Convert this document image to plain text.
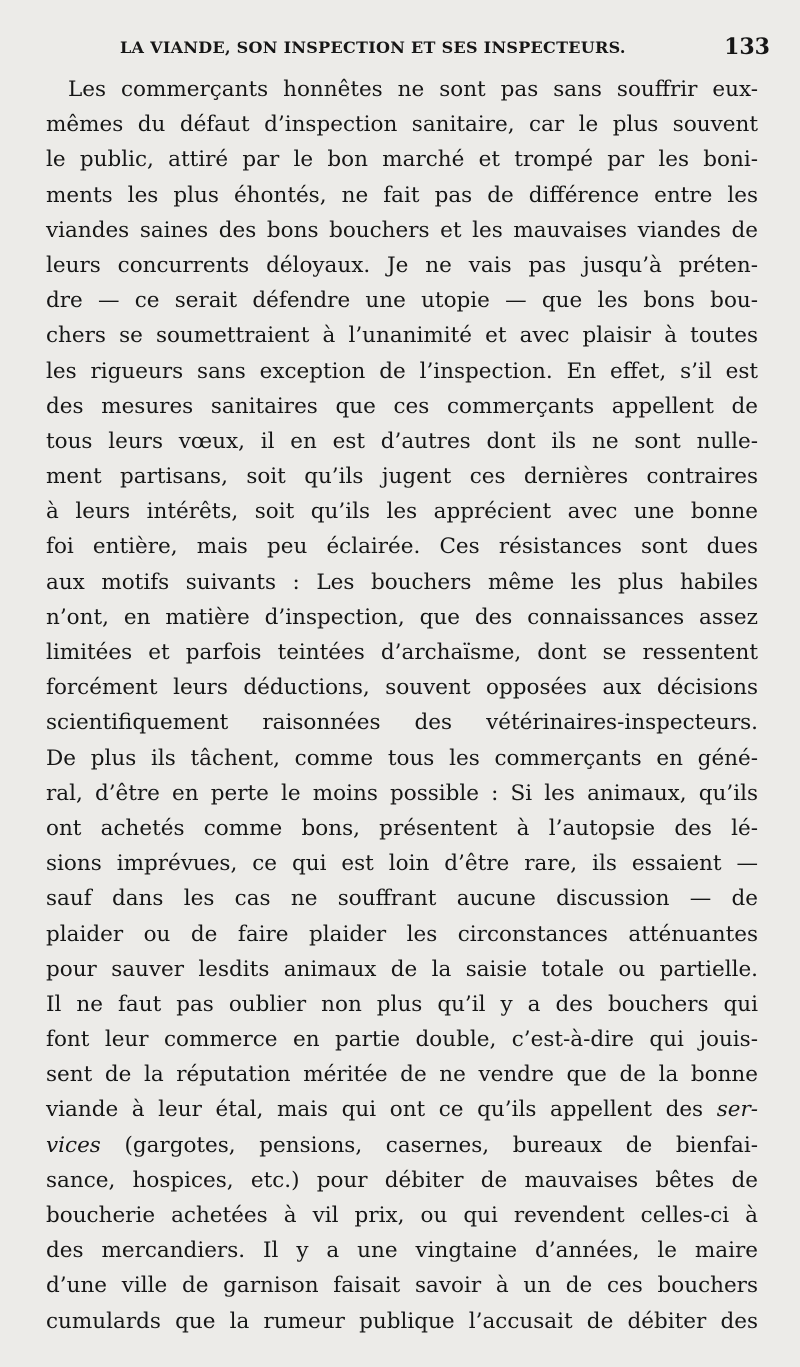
LA VIANDE, SON INSPECTION ET SES INSPECTEURS.	133
Les commerçants honnêtes ne sont pas sans souffrir eux-
mêmes du défaut d’inspection sanitaire, car le plus souvent
le public, attiré par le bon marché et trompé par les boni-
ments les plus éhontés, ne fait pas de différence entre les
viandes saines des bons bouchers et les mauvaises viandes de
leurs concurrents déloyaux. Je ne vais pas jusqu’à préten-
dre — ce serait défendre une utopie — que les bons bou-
chers se soumettraient à l’unanimité et avec plaisir à toutes
les rigueurs sans exception de l’inspection. En effet, s’il est
des mesures sanitaires que ces commerçants appellent de
tous leurs vœux, il en est d’autres dont ils ne sont nulle-
ment partisans, soit qu’ils jugent ces dernières contraires
à leurs intérêts, soit qu’ils les apprécient avec une bonne
foi entière, mais peu éclairée. Ces résistances sont dues
aux motifs suivants : Les bouchers même les plus habiles
n’ont, en matière d’inspection, que des connaissances assez
limitées et parfois teintées d’archaïsme, dont se ressentent
forcément leurs déductions, souvent opposées aux décisions
scientifiquement raisonnées des vétérinaires-inspecteurs.
De plus ils tâchent, comme tous les commerçants en géné-
ral, d’être en perte le moins possible : Si les animaux, qu’ils
ont achetés comme bons, présentent à l’autopsie des lé-
sions imprévues, ce qui est loin d’être rare, ils essaient —
sauf dans les cas ne souffrant aucune discussion — de
plaider ou de faire plaider les circonstances atténuantes
pour sauver lesdits animaux de la saisie totale ou partielle.
Il ne faut pas oublier non plus qu’il y a des bouchers qui
font leur commerce en partie double, c’est-à-dire qui jouis-
sent de la réputation méritée de ne vendre que de la bonne
viande à leur étal, mais qui ont ce qu’ils appellent des ser-
vices (gargotes, pensions, casernes, bureaux de bienfai-
sance, hospices, etc.) pour débiter de mauvaises bêtes de
boucherie achetées à vil prix, ou qui revendent celles-ci à
des mercandiers. Il y a une vingtaine d’années, le maire
d’une ville de garnison faisait savoir à un de ces bouchers
cumulards que la rumeur publique l’accusait de débiter des
